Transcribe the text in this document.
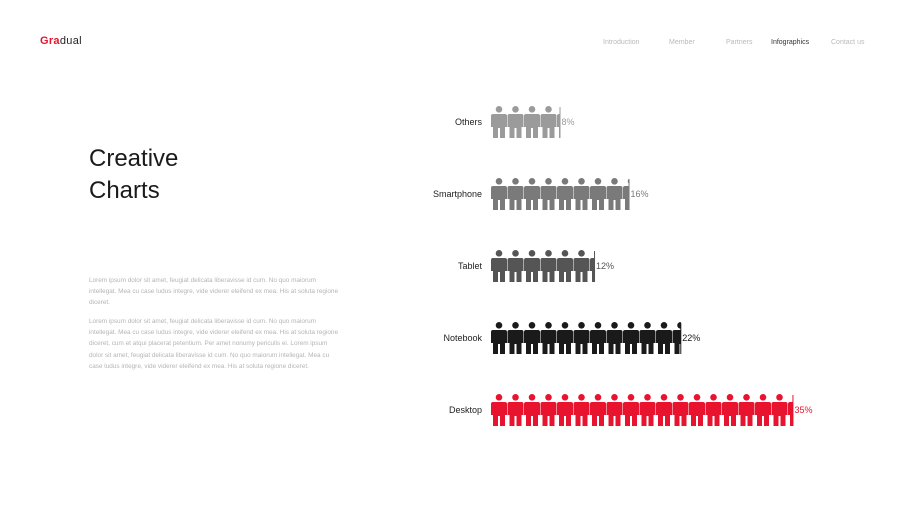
Gradual	Introduction	Member	Partners	Infographics	Contact us
Creative
Charts

Lorem ipsum dolor sit amet, feugiat delicata liberavisse id cum. No quo maiorum intellegat. Mea cu case ludus integre, vide viderer eleifend ex mea. His at soluta regione diceret.

Lorem ipsum dolor sit amet, feugiat delicata liberavisse id cum. No quo maiorum intellegat. Mea cu case ludus integre, vide viderer eleifend ex mea. His at soluta regione diceret, cum et atqui placerat petentium. Per amet nonumy periculis ei. Lorem ipsum dolor sit amet, feugiat delicata liberavisse id cum. No quo maiorum intellegat. Mea cu case ludus integre, vide viderer eleifend ex mea. His at soluta regione diceret.

Others	8%
Smartphone	16%
Tablet	12%
Notebook	22%
Desktop	35%
